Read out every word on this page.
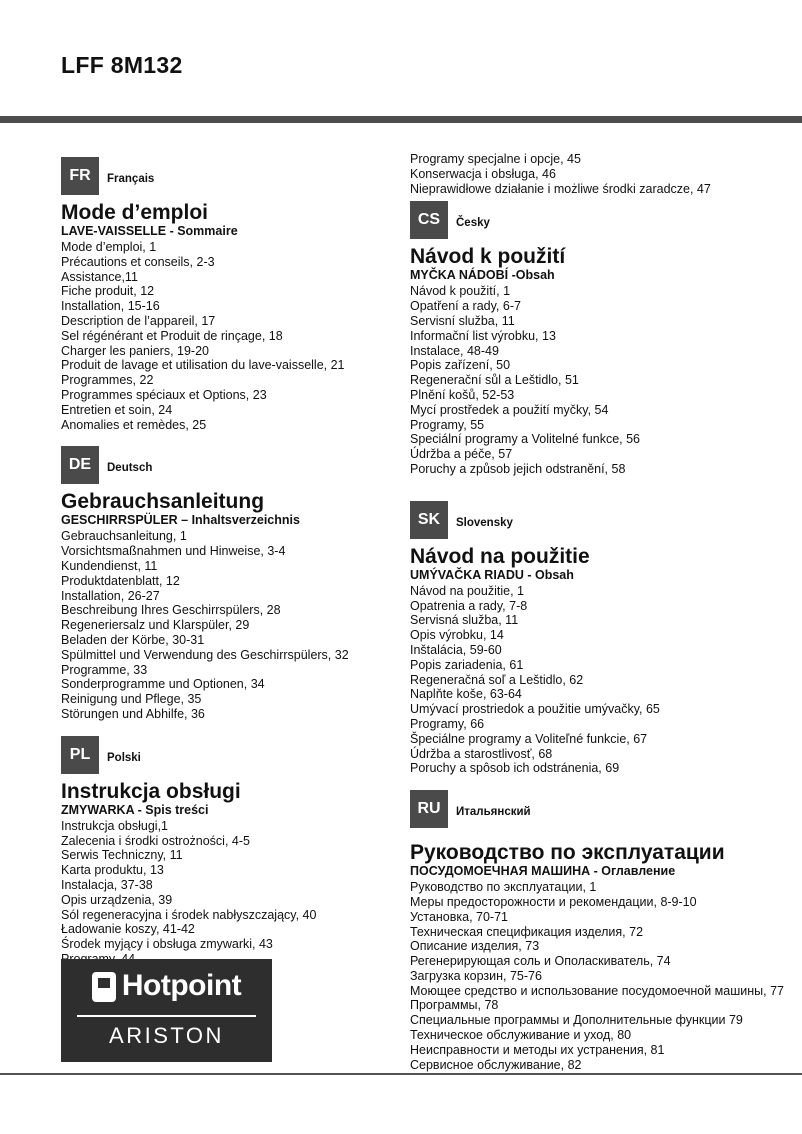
LFF 8M132
FR	Français
Mode d’emploi
LAVE-VAISSELLE - Sommaire
Mode d’emploi, 1
Précautions et conseils, 2-3
Assistance,11
Fiche produit, 12
Installation, 15-16
Description de l’appareil, 17
Sel régénérant et Produit de rinçage, 18
Charger les paniers, 19-20
Produit de lavage et utilisation du lave-vaisselle, 21
Programmes, 22
Programmes spéciaux et Options, 23
Entretien et soin, 24
Anomalies et remèdes, 25
DE	Deutsch
Gebrauchsanleitung
GESCHIRRSPÜLER – Inhaltsverzeichnis
Gebrauchsanleitung, 1
Vorsichtsmaßnahmen und Hinweise, 3-4
Kundendienst, 11
Produktdatenblatt, 12
Installation, 26-27
Beschreibung Ihres Geschirrspülers, 28
Regeneriersalz und Klarspüler, 29
Beladen der Körbe, 30-31
Spülmittel und Verwendung des Geschirrspülers, 32
Programme, 33
Sonderprogramme und Optionen, 34
Reinigung und Pflege, 35
Störungen und Abhilfe, 36
PL	Polski
Instrukcja obsługi
ZMYWARKA - Spis treści
Instrukcja obsługi,1
Zalecenia i środki ostrożności, 4-5
Serwis Techniczny, 11
Karta produktu, 13
Instalacja, 37-38
Opis urządzenia, 39
Sól regeneracyjna i środek nabłyszczający, 40
Ładowanie koszy, 41-42
Środek myjący i obsługa zmywarki, 43
Programy specjalne i opcje, 45
Konserwacja i obsługa, 46
Nieprawidłowe działanie i możliwe środki zaradcze, 47
CS	Česky
Návod k použití
MYČKA NÁDOBÍ -Obsah
Návod k použití, 1
Opatření a rady, 6-7
Servisní služba, 11
Informační list výrobku, 13
Instalace, 48-49
Popis zařízení, 50
Regenerační sůl a Leštidlo, 51
Plnění košů, 52-53
Mycí prostředek a použití myčky, 54
Programy, 55
Speciální programy a Volitelné funkce, 56
Údržba a péče, 57
Poruchy a způsob jejich odstranění, 58
SK	Slovensky
Návod na použitie
UMÝVAČKA RIADU - Obsah
Návod na použitie, 1
Opatrenia a rady, 7-8
Servisná služba, 11
Opis výrobku, 14
Inštalácia, 59-60
Popis zariadenia, 61
Regeneračná soľ a Leštidlo, 62
Naplňte koše, 63-64
Umývací prostriedok a použitie umývačky, 65
Programy, 66
Špeciálne programy a Voliteľné funkcie, 67
Údržba a starostlivosť, 68
Poruchy a spôsob ich odstránenia, 69
RU	Итальянский
Руководство по эксплуатации
ПОСУДОМОЕЧНАЯ МАШИНА - Оглавление
Руководство по эксплуатации, 1
Меры предосторожности и рекомендации, 8-9-10
Установка, 70-71
Техническая спецификация изделия, 72
Описание изделия, 73
Регенерирующая соль и Ополаскиватель, 74
Загрузка корзин, 75-76
Моющее средство и использование посудомоечной машины, 77
Программы, 78
Специальные программы и Дополнительные функции 79
Техническое обслуживание и уход, 80
Неисправности и методы их устранения, 81
Сервисное обслуживание, 82
Hotpoint
ARISTON
